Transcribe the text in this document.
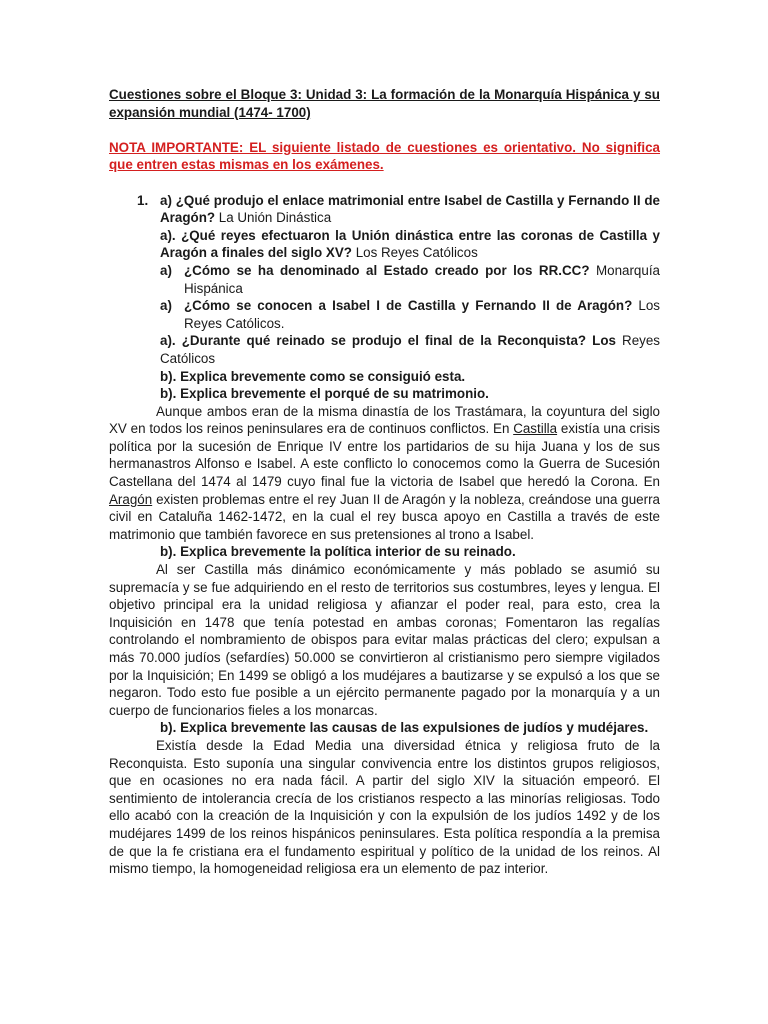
Cuestiones sobre el Bloque 3: Unidad 3: La formación de la Monarquía Hispánica y su expansión mundial (1474- 1700)
NOTA IMPORTANTE: EL siguiente listado de cuestiones es orientativo. No significa que entren estas mismas en los exámenes.
1. a) ¿Qué produjo el enlace matrimonial entre Isabel de Castilla y Fernando II de Aragón? La Unión Dinástica
a). ¿Qué reyes efectuaron la Unión dinástica entre las coronas de Castilla y Aragón a finales del siglo XV? Los Reyes Católicos
a) ¿Cómo se ha denominado al Estado creado por los RR.CC? Monarquía Hispánica
a) ¿Cómo se conocen a Isabel I de Castilla y Fernando II de Aragón? Los Reyes Católicos.
a). ¿Durante qué reinado se produjo el final de la Reconquista? Los Reyes Católicos
b). Explica brevemente como se consiguió esta.
b). Explica brevemente el porqué de su matrimonio.
Aunque ambos eran de la misma dinastía de los Trastámara, la coyuntura del siglo XV en todos los reinos peninsulares era de continuos conflictos. En Castilla existía una crisis política por la sucesión de Enrique IV entre los partidarios de su hija Juana y los de sus hermanastros Alfonso e Isabel. A este conflicto lo conocemos como la Guerra de Sucesión Castellana del 1474 al 1479 cuyo final fue la victoria de Isabel que heredó la Corona. En Aragón existen problemas entre el rey Juan II de Aragón y la nobleza, creándose una guerra civil en Cataluña 1462-1472, en la cual el rey busca apoyo en Castilla a través de este matrimonio que también favorece en sus pretensiones al trono a Isabel.
b). Explica brevemente la política interior de su reinado.
Al ser Castilla más dinámico económicamente y más poblado se asumió su supremacía y se fue adquiriendo en el resto de territorios sus costumbres, leyes y lengua. El objetivo principal era la unidad religiosa y afianzar el poder real, para esto, crea la Inquisición en 1478 que tenía potestad en ambas coronas; Fomentaron las regalías controlando el nombramiento de obispos para evitar malas prácticas del clero; expulsan a más 70.000 judíos (sefardíes) 50.000 se convirtieron al cristianismo pero siempre vigilados por la Inquisición; En 1499 se obligó a los mudéjares a bautizarse y se expulsó a los que se negaron. Todo esto fue posible a un ejército permanente pagado por la monarquía y a un cuerpo de funcionarios fieles a los monarcas.
b). Explica brevemente las causas de las expulsiones de judíos y mudéjares.
Existía desde la Edad Media una diversidad étnica y religiosa fruto de la Reconquista. Esto suponía una singular convivencia entre los distintos grupos religiosos, que en ocasiones no era nada fácil. A partir del siglo XIV la situación empeoró. El sentimiento de intolerancia crecía de los cristianos respecto a las minorías religiosas. Todo ello acabó con la creación de la Inquisición y con la expulsión de los judíos 1492 y de los mudéjares 1499 de los reinos hispánicos peninsulares. Esta política respondía a la premisa de que la fe cristiana era el fundamento espiritual y político de la unidad de los reinos. Al mismo tiempo, la homogeneidad religiosa era un elemento de paz interior.
